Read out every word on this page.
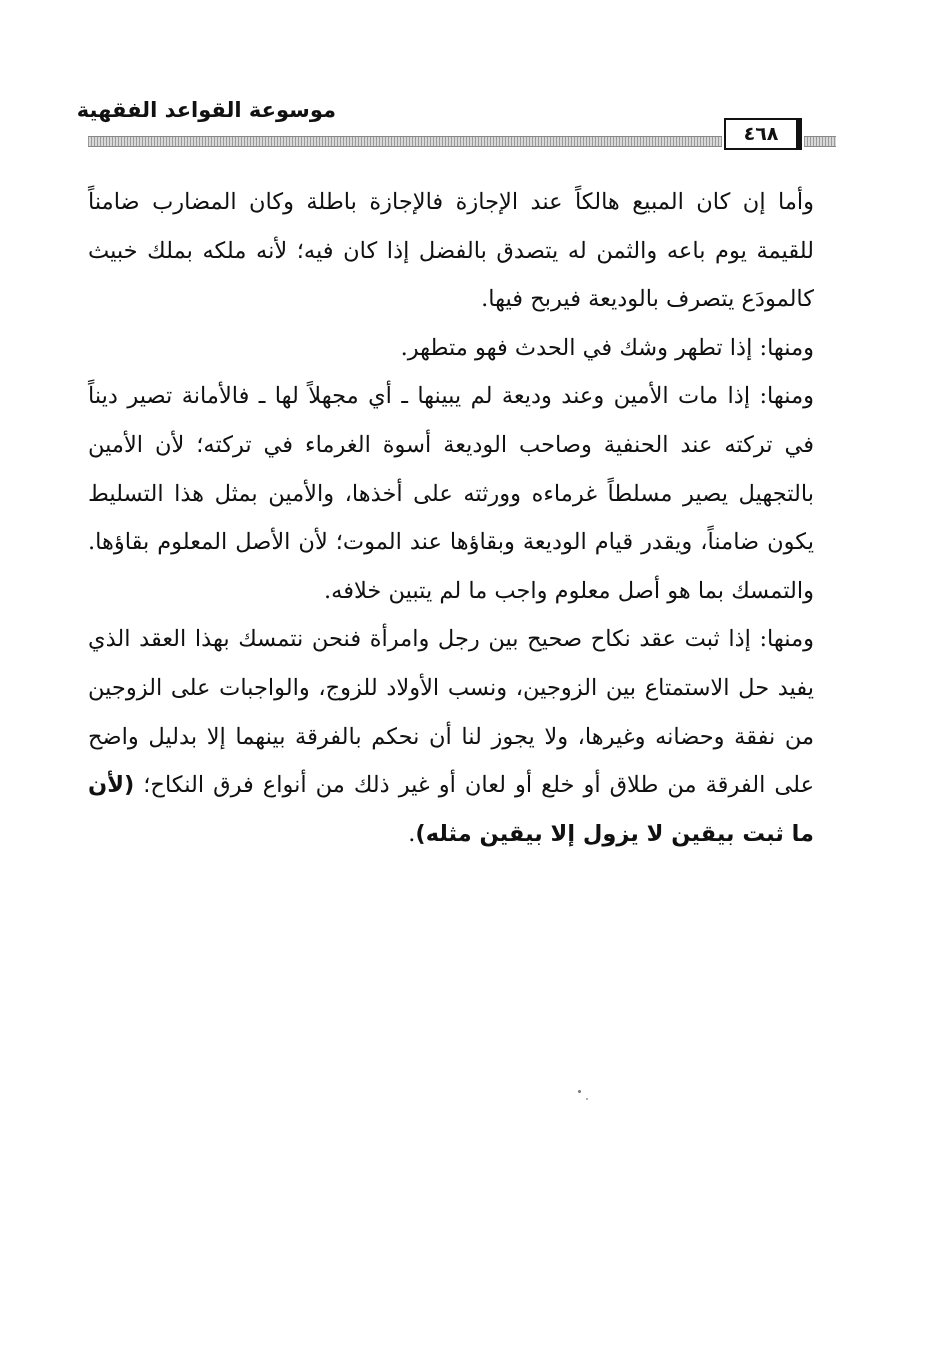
موسوعة القواعد الفقهية
٤٦٨

وأما إن كان المبيع هالكاً عند الإجازة فالإجازة باطلة وكان المضارب ضامناً للقيمة يوم باعه والثمن له يتصدق بالفضل إذا كان فيه؛ لأنه ملكه بملك خبيث كالمودَع يتصرف بالوديعة فيربح فيها.

ومنها: إذا تطهر وشك في الحدث فهو متطهر.

ومنها: إذا مات الأمين وعند وديعة لم يبينها ـ أي مجهلاً لها ـ فالأمانة تصير ديناً في تركته عند الحنفية وصاحب الوديعة أسوة الغرماء في تركته؛ لأن الأمين بالتجهيل يصير مسلطاً غرماءه وورثته على أخذها، والأمين بمثل هذا التسليط يكون ضامناً، ويقدر قيام الوديعة وبقاؤها عند الموت؛ لأن الأصل المعلوم بقاؤها. والتمسك بما هو أصل معلوم واجب ما لم يتبين خلافه.

ومنها: إذا ثبت عقد نكاح صحيح بين رجل وامرأة فنحن نتمسك بهذا العقد الذي يفيد حل الاستمتاع بين الزوجين، ونسب الأولاد للزوج، والواجبات على الزوجين من نفقة وحضانه وغيرها، ولا يجوز لنا أن نحكم بالفرقة بينهما إلا بدليل واضح على الفرقة من طلاق أو خلع أو لعان أو غير ذلك من أنواع فرق النكاح؛ (لأن ما ثبت بيقين لا يزول إلا بيقين مثله).
